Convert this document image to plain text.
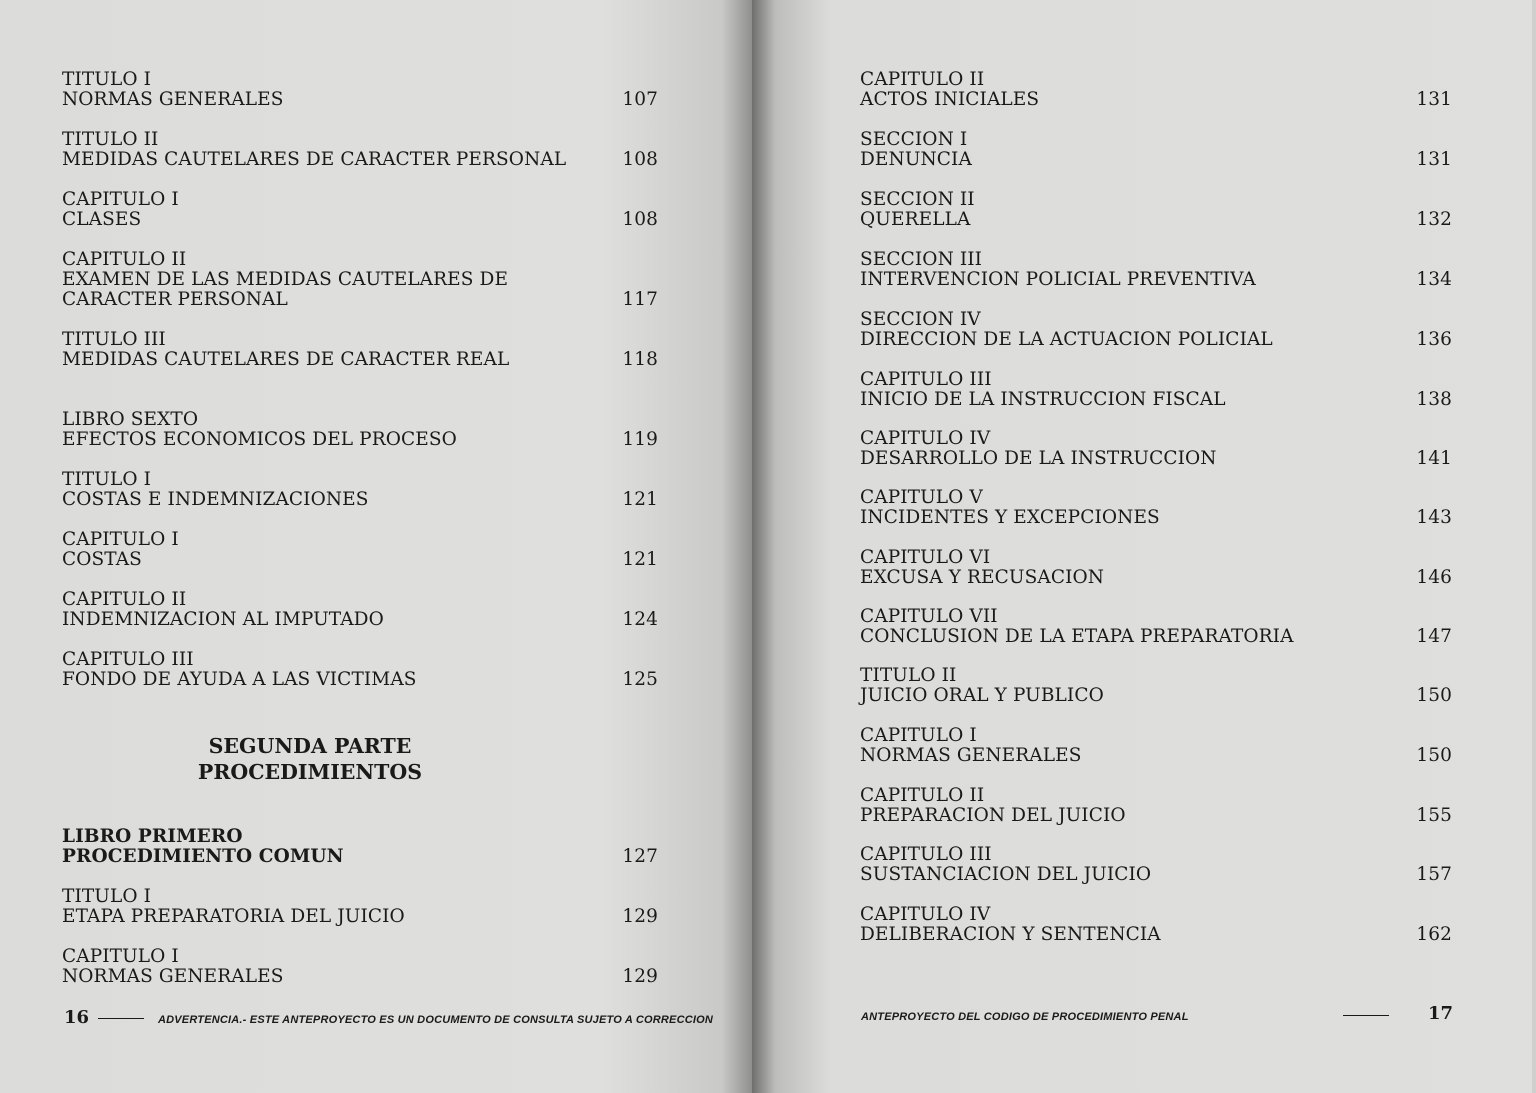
TITULO I
NORMAS GENERALES	107
TITULO II
MEDIDAS CAUTELARES DE CARACTER PERSONAL	108
CAPITULO I
CLASES	108
CAPITULO II
EXAMEN DE LAS MEDIDAS CAUTELARES DE
CARACTER PERSONAL	117
TITULO III
MEDIDAS CAUTELARES DE CARACTER REAL	118
LIBRO SEXTO
EFECTOS ECONOMICOS DEL PROCESO	119
TITULO I
COSTAS E INDEMNIZACIONES	121
CAPITULO I
COSTAS	121
CAPITULO II
INDEMNIZACION AL IMPUTADO	124
CAPITULO III
FONDO DE AYUDA A LAS VICTIMAS	125
SEGUNDA PARTE
PROCEDIMIENTOS
LIBRO PRIMERO
PROCEDIMIENTO COMUN	127
TITULO I
ETAPA PREPARATORIA DEL JUICIO	129
CAPITULO I
NORMAS GENERALES	129
16	ADVERTENCIA.- ESTE ANTEPROYECTO ES UN DOCUMENTO DE CONSULTA SUJETO A CORRECCION
CAPITULO II
ACTOS INICIALES	131
SECCION I
DENUNCIA	131
SECCION II
QUERELLA	132
SECCION III
INTERVENCION POLICIAL PREVENTIVA	134
SECCION IV
DIRECCION DE LA ACTUACION POLICIAL	136
CAPITULO III
INICIO DE LA INSTRUCCION FISCAL	138
CAPITULO IV
DESARROLLO DE LA INSTRUCCION	141
CAPITULO V
INCIDENTES Y EXCEPCIONES	143
CAPITULO VI
EXCUSA Y RECUSACION	146
CAPITULO VII
CONCLUSION DE LA ETAPA PREPARATORIA	147
TITULO II
JUICIO ORAL Y PUBLICO	150
CAPITULO I
NORMAS GENERALES	150
CAPITULO II
PREPARACION DEL JUICIO	155
CAPITULO III
SUSTANCIACION DEL JUICIO	157
CAPITULO IV
DELIBERACION Y SENTENCIA	162
ANTEPROYECTO DEL CODIGO DE PROCEDIMIENTO PENAL	17
